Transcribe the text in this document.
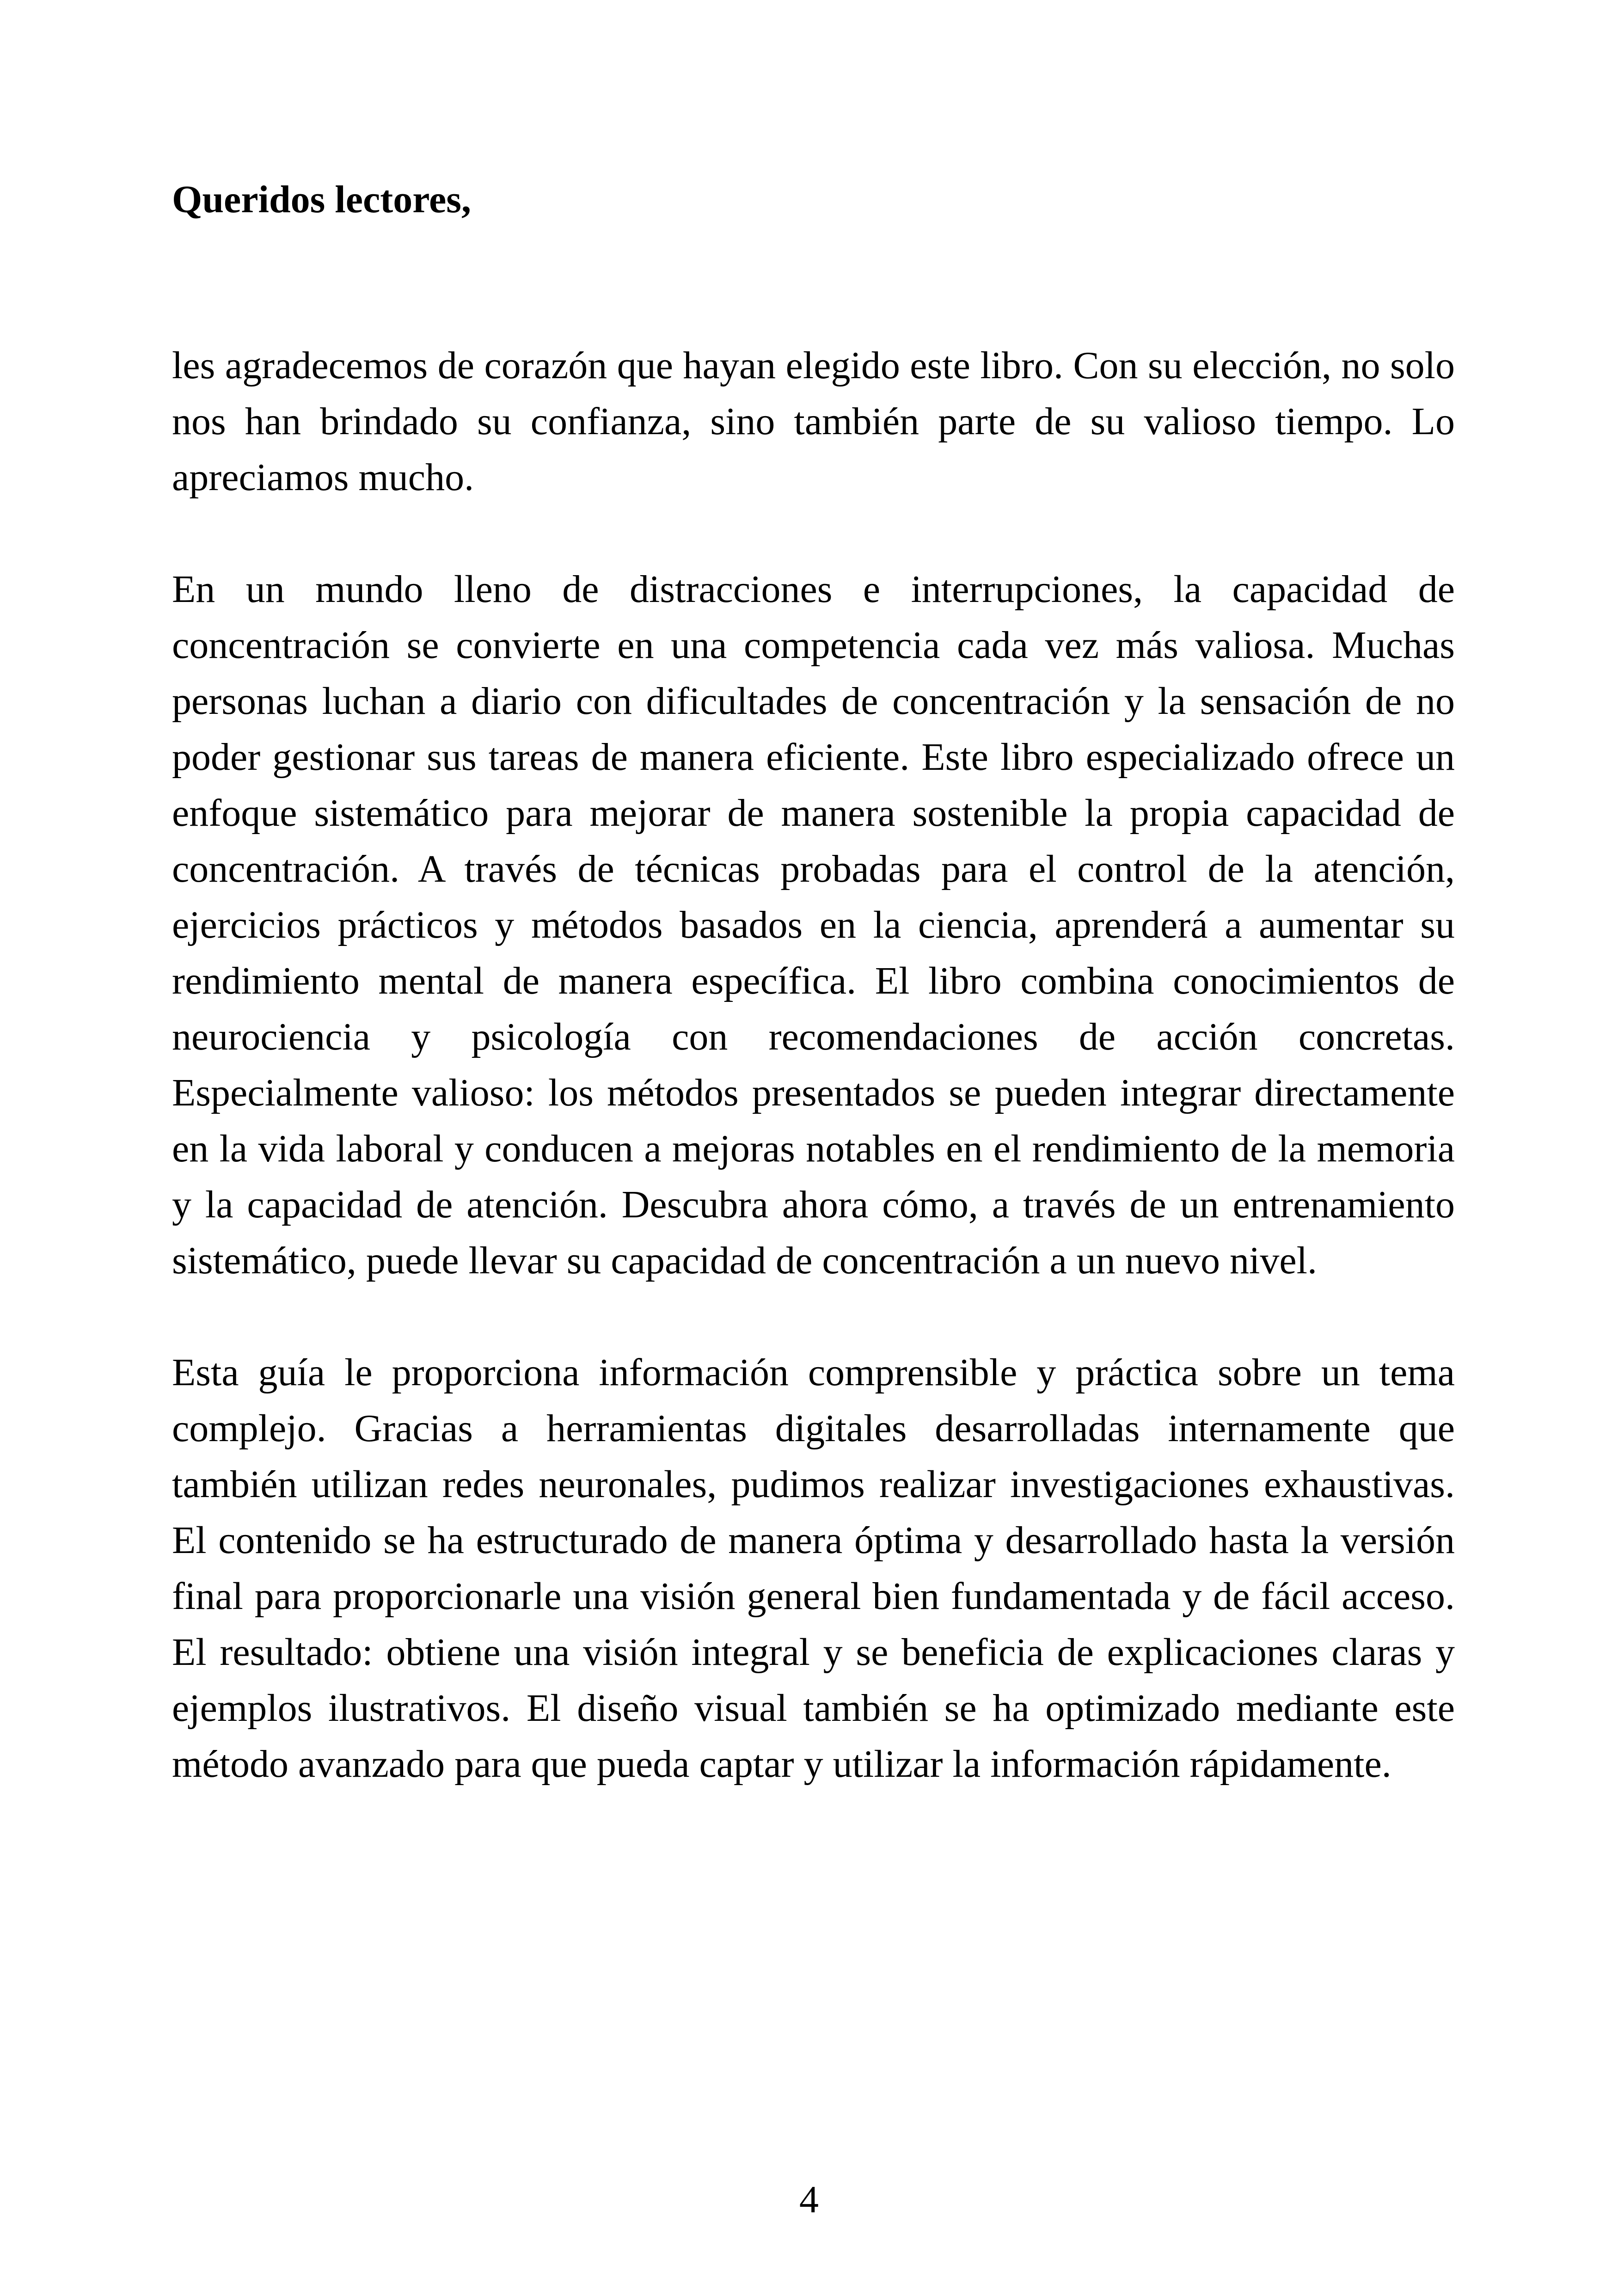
Queridos lectores,

les agradecemos de corazón que hayan elegido este libro. Con su elección, no solo nos han brindado su confianza, sino también parte de su valioso tiempo. Lo apreciamos mucho.

En un mundo lleno de distracciones e interrupciones, la capacidad de concentración se convierte en una competencia cada vez más valiosa. Muchas personas luchan a diario con dificultades de concentración y la sensación de no poder gestionar sus tareas de manera eficiente. Este libro especializado ofrece un enfoque sistemático para mejorar de manera sostenible la propia capacidad de concentración. A través de técnicas probadas para el control de la atención, ejercicios prácticos y métodos basados en la ciencia, aprenderá a aumentar su rendimiento mental de manera específica. El libro combina conocimientos de neurociencia y psicología con recomendaciones de acción concretas. Especialmente valioso: los métodos presentados se pueden integrar directamente en la vida laboral y conducen a mejoras notables en el rendimiento de la memoria y la capacidad de atención. Descubra ahora cómo, a través de un entrenamiento sistemático, puede llevar su capacidad de concentración a un nuevo nivel.

Esta guía le proporciona información comprensible y práctica sobre un tema complejo. Gracias a herramientas digitales desarrolladas internamente que también utilizan redes neuronales, pudimos realizar investigaciones exhaustivas. El contenido se ha estructurado de manera óptima y desarrollado hasta la versión final para proporcionarle una visión general bien fundamentada y de fácil acceso. El resultado: obtiene una visión integral y se beneficia de explicaciones claras y ejemplos ilustrativos. El diseño visual también se ha optimizado mediante este método avanzado para que pueda captar y utilizar la información rápidamente.

4
